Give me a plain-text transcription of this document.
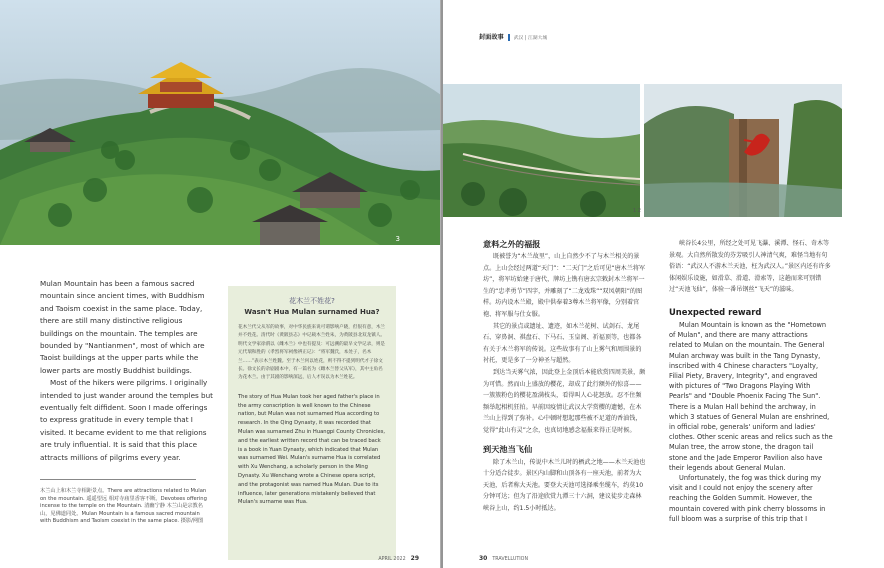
3

Mulan Mountain has been a famous sacred mountain since ancient times, with Buddhism and Taoism coexist in the same place. Today, there are still many distinctive religious buildings on the mountain. The temples are bounded by "Nantianmen", most of which are Taoist buildings at the upper parts while the lower parts are mostly Buddhist buildings.

Most of the hikers were pilgrims. I originally intended to just wander around the temples but eventually felt diffident. Soon I made offerings to express gratitude in every temple that I visited. It became evident to me that religions are truly influential. It is said that this place attracts millions of pilgrims every year.

花木兰不姓花?
Wasn't Hua Mulan surnamed Hua?
花木兰代父从军的故事，对中华民族来说可谓影响户晓，但很有意，木兰并不姓花。清代时《黄陂县志》中记载木兰姓朱，为黄陂县北双龙镇人。明代文学家徐渭以《雌木兰》中也有提及：可远溯的最早文学记录，则是元代瑞和胜的《孝烈将军祠像辨正记》：“将军魏氏，本处子，名木兰……”表示木兰姓魏。至于木兰何以姓花，则不得不提到明代才子徐文长。徐文长的杂剧剧本中，有一篇名为《雌木兰替父从军》，其中主角名为花木兰。由于其剧的影响深远，后人才误以为木兰姓花。
The story of Hua Mulan took her aged father's place in the army conscription is well known to the Chinese nation, but Mulan was not surnamed Hua according to research. In the Qing Dynasty, it was recorded that Mulan was surnamed Zhu in Huangpi County Chronicles, and the earliest written record that can be traced back is a book in Yuan Dynasty, which indicated that Mulan was surnamed Wei. Mulan's surname Hua is correlated with Xu Wenchang, a scholarly person in the Ming Dynasty. Xu Wenchang wrote a Chinese opera script, and the protagonist was named Hua Mulan. Due to its influence, later generations mistakenly believed that Mulan's surname was Hua.
木兰山上和木兰寺相距景点。There are attractions related to Mulan on the mountain. 遥遥望远 相对寺庙里香客不断。Devotees offering incense to the temple on the Mountain. 清幽宁静 木兰山是宗教名山，见佛道同处。Mulan Mountain is a famous sacred mountain with Buddhism and Taoism coexist in the same place. 摄影/网图
APRIL 2022 29
封面故事 武汉 | 江湖大城
1 2
意料之外的福报

既被誉为“木兰故里”，山上自然少不了与木兰相关的景点。上山会经过两道“天门”：“二天门”之后可见“唐木兰将军坊”，将军坊始建于唐代，牌坊上镌有唐玄宗敕封木兰将军一生的“忠孝勇节”四字，并雕刻了“二龙戏珠”“双凤朝阳”的图样。坊内设木兰殿，殿中供奉着3尊木兰将军像，分别着官袍、将军服与仕女服。

其它的景点或遗址、遗迹，如木兰花树、试剑石、龙尾石、穿鼻洞、祺盘石、下马石、玉皇阁、祈福顶等，也都各有关于木兰将军的传说。这些故事有了山上雾气和周围景的衬托，更是多了一分神圣与超然。

到达当天雾气浓，因此登上金顶后本能欣赏四周美景，颇为可惜。然而山上盛放的樱花，却成了此行额外的惊喜——一簇簇粉色的樱花盈满枝头，看得叫人心花怒放。忍不住频频举起相机狂拍。早前因疫情让武汉大学赏樱的遗憾，在木兰山上得到了弥补。心中顿时想起那些被不足道的香油钱，觉得“此山有灵”之余，也真切地感念福报来得正是时候。

到天池当飞仙

除了木兰山，传说中木兰儿时的栖武之地——木兰天池也十分适合徒步。景区内山脚和山顶各有一座天池，前者为大天池，后者称大天池。要登大天池可选择乘坐缆车，约莫10分钟可达；但为了沿途欣赏九潭三十六洞，建议徒步走森林峡谷上山，约1.5小时抵达。

峡谷长4公里，所经之处可见飞瀑、溪潭、怪石、奇木等景观。大自然所散发的芬芳吸引人神清气爽，难怪当地有句俗语：“武汉人不游木兰天池，枉为武汉人。”景区内还有许多体闲娱乐设施，如滑草、滑道、滑索等，这趟而来可别错过“天池飞仙”，体验一番吊钢丝“飞天”的滋味。

Unexpected reward

Mulan Mountain is known as the "Hometown of Mulan", and there are many attractions related to Mulan on the mountain. The General Mulan archway was built in the Tang Dynasty, inscribed with 4 Chinese characters "Loyalty, Filial Piety, Bravery, Integrity", and engraved with pictures of "Two Dragons Playing With Pearls" and "Double Phoenix Facing The Sun". There is a Mulan Hall behind the archway, in which 3 statues of General Mulan are enshrined, in official robe, generals' uniform and ladies' clothes. Other scenic areas and relics such as the Mulan tree, the arrow stone, the dragon tail stone and the Jade Emperor Pavilion also have their legends about General Mulan.

Unfortunately, the fog was thick during my visit and I could not enjoy the scenery after reaching the Golden Summit. However, the mountain covered with pink cherry blossoms in full bloom was a surprise of this trip that I

30 TRAVELLUTION
